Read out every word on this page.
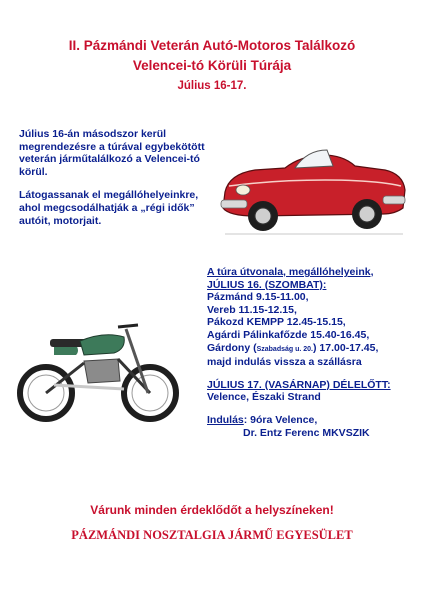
II. Pázmándi Veterán Autó-Motoros Találkozó
Velencei-tó Körüli Túrája
Július 16-17.

Július 16-án másodszor kerül megrendezésre a túrával egybekötött veterán járműtalálkozó a Velencei-tó körül.

Látogassanak el megállóhelyeinkre, ahol megcsodálhatják a „régi idők” autóit, motorjait.

A túra útvonala, megállóhelyeink,
JÚLIUS 16. (SZOMBAT):
Pázmánd 9.15-11.00,
Vereb 11.15-12.15,
Pákozd KEMPP 12.45-15.15,
Agárdi Pálinkafőzde 15.40-16.45,
Gárdony (Szabadság u. 20.) 17.00-17.45,
majd indulás vissza a szállásra
JÚLIUS 17. (VASÁRNAP) DÉLELŐTT:
Velence, Északi Strand
Indulás: 9óra Velence,
Dr. Entz Ferenc MKVSZIK
Várunk minden érdeklődőt a helyszíneken!
PÁZMÁNDI NOSZTALGIA JÁRMŰ EGYESÜLET
